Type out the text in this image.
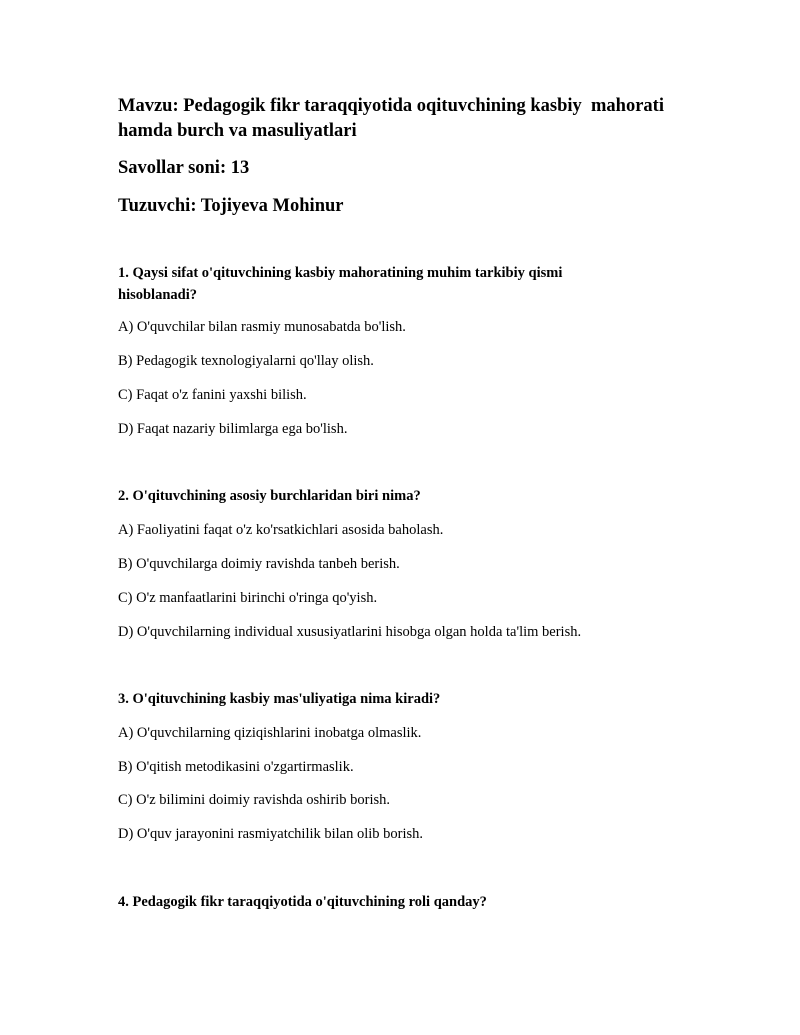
Mavzu: Pedagogik fikr taraqqiyotida oqituvchining kasbiy  mahorati hamda burch va masuliyatlari

Savollar soni: 13

Tuzuvchi: Tojiyeva Mohinur

1. Qaysi sifat o'qituvchining kasbiy mahoratining muhim tarkibiy qismi hisoblanadi?

A) O'quvchilar bilan rasmiy munosabatda bo'lish.

B) Pedagogik texnologiyalarni qo'llay olish.

C) Faqat o'z fanini yaxshi bilish.

D) Faqat nazariy bilimlarga ega bo'lish.

2. O'qituvchining asosiy burchlaridan biri nima?

A) Faoliyatini faqat o'z ko'rsatkichlari asosida baholash.

B) O'quvchilarga doimiy ravishda tanbeh berish.

C) O'z manfaatlarini birinchi o'ringa qo'yish.

D) O'quvchilarning individual xususiyatlarini hisobga olgan holda ta'lim berish.

3. O'qituvchining kasbiy mas'uliyatiga nima kiradi?

A) O'quvchilarning qiziqishlarini inobatga olmaslik.

B) O'qitish metodikasini o'zgartirmaslik.

C) O'z bilimini doimiy ravishda oshirib borish.

D) O'quv jarayonini rasmiyatchilik bilan olib borish.

4. Pedagogik fikr taraqqiyotida o'qituvchining roli qanday?
